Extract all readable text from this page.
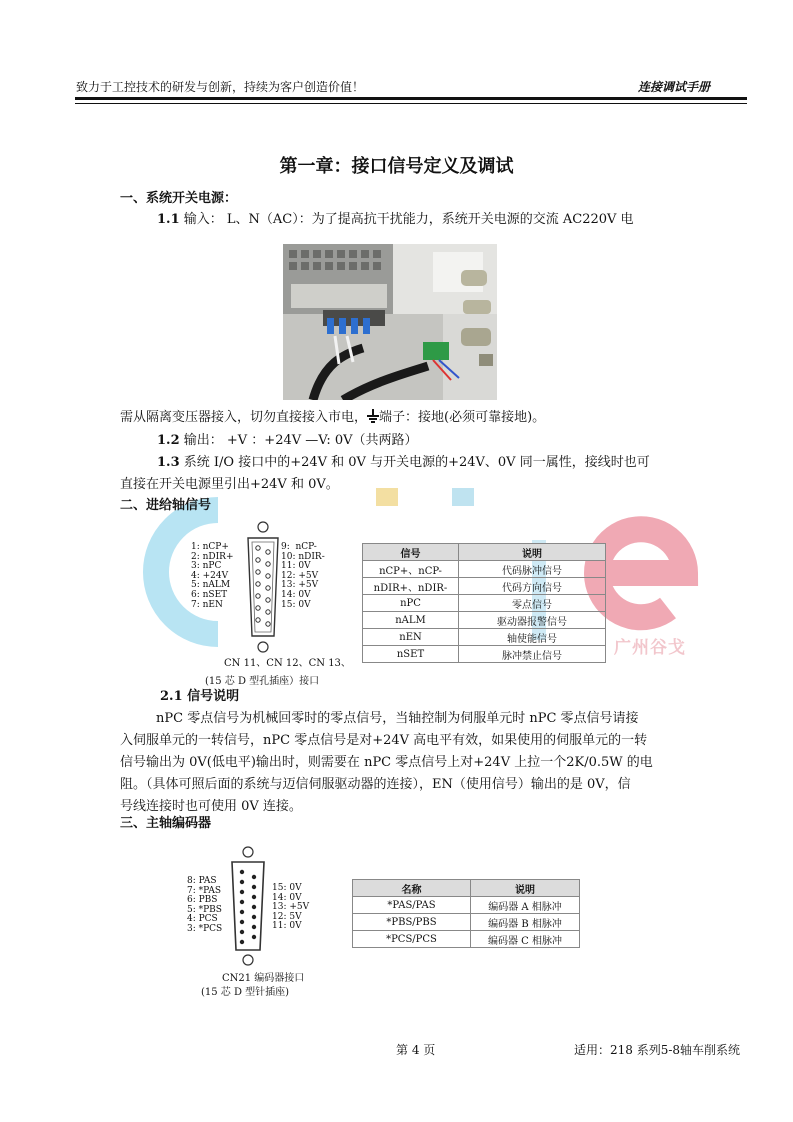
致力于工控技术的研发与创新，持续为客户创造价值！	连接调试手册
广州谷戈
第一章：接口信号定义及调试
一、系统开关电源：
1.1 输入： L、N（AC）：为了提高抗干扰能力，系统开关电源的交流 AC220V 电
需从隔离变压器接入，切勿直接接入市电， 端子：接地(必须可靠接地)。
1.2 输出： +V ：+24V —V: 0V（共两路）
1.3 系统 I/O 接口中的+24V 和 0V 与开关电源的+24V、0V 同一属性，接线时也可
直接在开关电源里引出+24V 和 0V。
二、进给轴信号
1: nCP+
2: nDIR+
3: nPC
4: +24V
5: nALM
6: nSET
7: nEN
9:  nCP-
10: nDIR-
11: 0V
12: +5V
13: +5V
14: 0V
15: 0V
CN 11、CN 12、CN 13、
(15 芯 D 型孔插座）接口
信号	说明
nCP+、nCP-	代码脉冲信号
nDIR+、nDIR-	代码方向信号
nPC	零点信号
nALM	驱动器报警信号
nEN	轴使能信号
nSET	脉冲禁止信号
2.1 信号说明
nPC 零点信号为机械回零时的零点信号，当轴控制为伺服单元时 nPC 零点信号请接
入伺服单元的一转信号，nPC 零点信号是对+24V 高电平有效，如果使用的伺服单元的一转
信号输出为 0V(低电平)输出时，则需要在 nPC 零点信号上对+24V 上拉一个2K/0.5W 的电
阻。（具体可照后面的系统与迈信伺服驱动器的连接），EN（使用信号）输出的是 0V，信
号线连接时也可使用 0V 连接。
三、主轴编码器
8: PAS
7: *PAS
6: PBS
5: *PBS
4: PCS
3: *PCS
15: 0V
14: 0V
13: +5V
12: 5V
11: 0V
CN21 编码器接口
(15 芯 D 型针插座)
名称	说明
*PAS/PAS	编码器 A 相脉冲
*PBS/PBS	编码器 B 相脉冲
*PCS/PCS	编码器 C 相脉冲
第 4 页	适用：218 系列5-8轴车削系统
